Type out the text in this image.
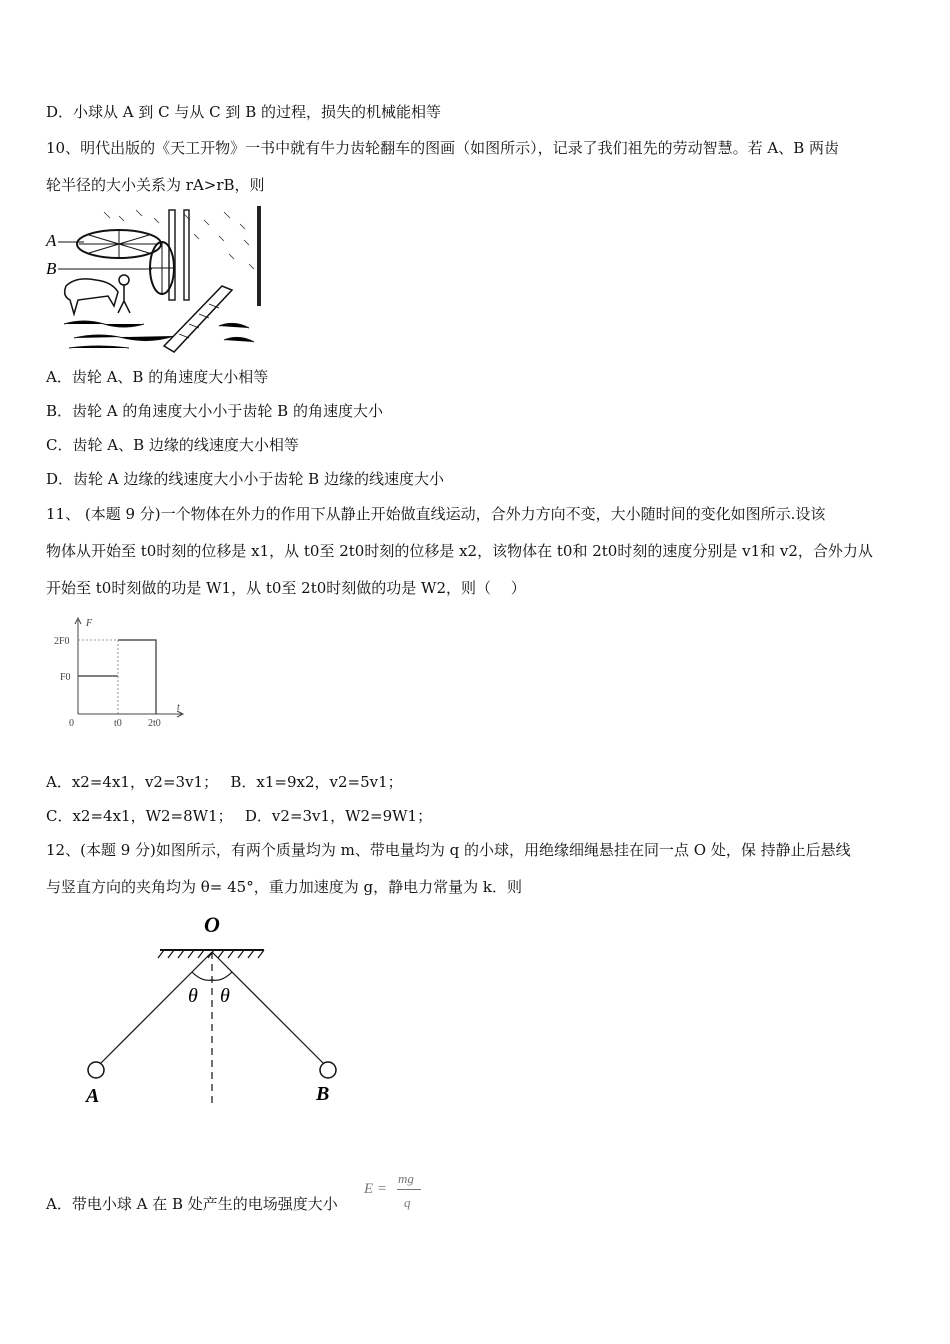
D．小球从 A 到 C 与从 C 到 B 的过程，损失的机械能相等
10、明代出版的《天工开物》一书中就有牛力齿轮翻车的图画（如图所示），记录了我们祖先的劳动智慧。若 A、B 两齿
轮半径的大小关系为 rA>rB，则
A
B
A．齿轮 A、B 的角速度大小相等
B．齿轮 A 的角速度大小小于齿轮 B 的角速度大小
C．齿轮 A、B 边缘的线速度大小相等
D．齿轮 A 边缘的线速度大小小于齿轮 B 边缘的线速度大小
11、 (本题 9 分)一个物体在外力的作用下从静止开始做直线运动，合外力方向不变，大小随时间的变化如图所示.设该
物体从开始至 t0时刻的位移是 x1，从 t0至 2t0时刻的位移是 x2，该物体在 t0和 2t0时刻的速度分别是 v1和 v2，合外力从
开始至 t0时刻做的功是 W1，从 t0至 2t0时刻做的功是 W2，则（　 ）
F
t
2F0
F0
0	t0	2t0
A．x2=4x1，v2=3v1；　 B．x1=9x2，v2=5v1；
C．x2=4x1，W2=8W1；　 D．v2=3v1，W2=9W1；
12、(本题 9 分)如图所示，有两个质量均为 m、带电量均为 q 的小球，用绝缘细绳悬挂在同一点 O 处，保 持静止后悬线
与竖直方向的夹角均为 θ= 45°，重力加速度为 g，静电力常量为 k．则
O
θ θ
A	B
A．带电小球 A 在 B 处产生的电场强度大小
E =
mg
q
